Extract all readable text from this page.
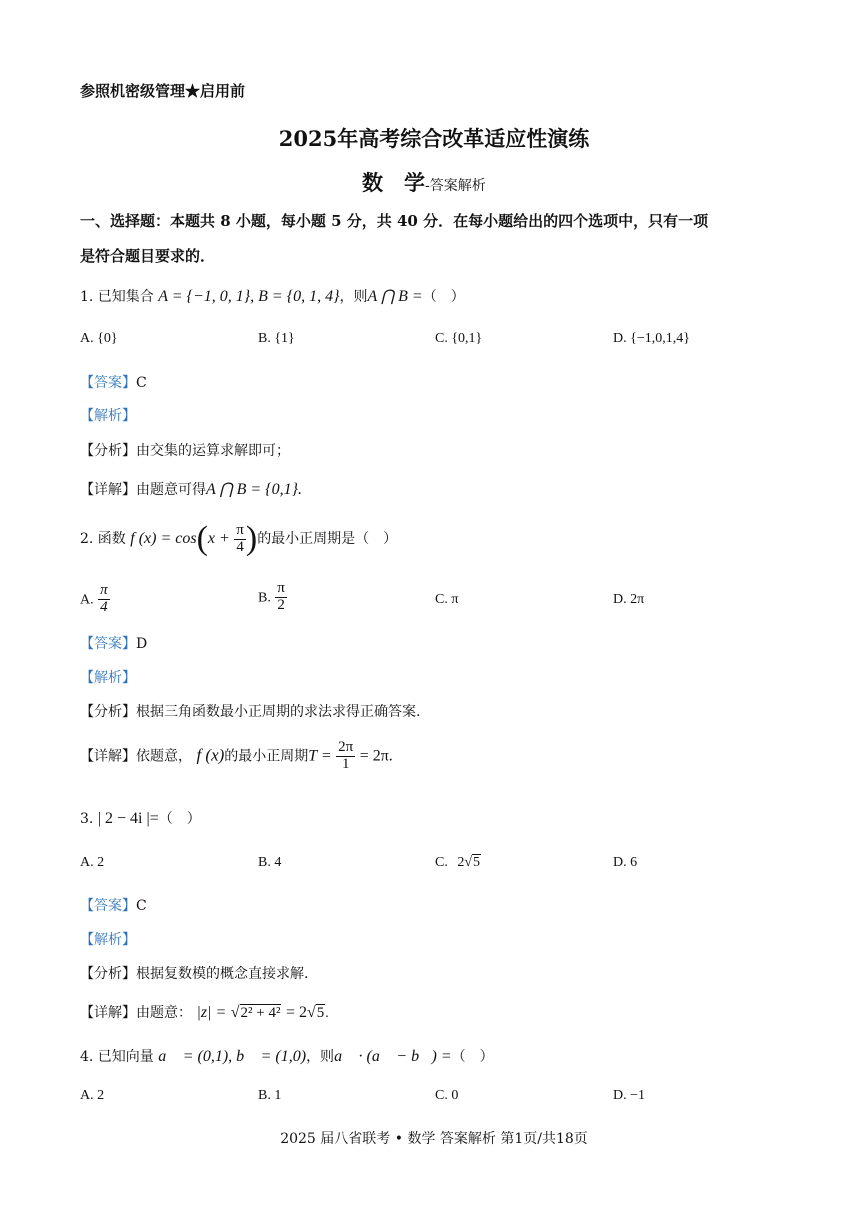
参照机密级管理★启用前
2025年高考综合改革适应性演练
数　学-答案解析
一、选择题：本题共 8 小题，每小题 5 分，共 40 分．在每小题给出的四个选项中，只有一项
是符合题目要求的．
1. 已知集合 A = {−1, 0, 1}, B = {0, 1, 4}，则A ⋂ B =（　）
A. {0}	B. {1}	C. {0,1}	D. {−1,0,1,4}
【答案】C
【解析】
【分析】由交集的运算求解即可；
【详解】由题意可得A ⋂ B = {0,1}.
2. 函数 f $(x) = \cos(x + \frac{\pi}{4}$ )的最小正周期是（　）
A. $\frac{\pi}{4}$	B. $\frac{\pi}{2}$	C. π	D. 2π
【答案】D
【解析】
【分析】根据三角函数最小正周期的求法求得正确答案.
【详解】依题意， f (x)的最小正周期$T = \frac{2\pi}{1} = 2\pi$.
3. | 2 − 4i |=（　）
A. 2	B. 4	C. 2√5	D. 6
【答案】C
【解析】
【分析】根据复数模的概念直接求解.
【详解】由题意： |z| = √2² + 4² = 2√5.
4. 已知向量 a⃗ = (0,1), b⃗ = (1,0)，则a⃗ · (a⃗ − b⃗) =（　）
A. 2	B. 1	C. 0	D. −1
2025 届八省联考 • 数学 答案解析 第1页/共18页
